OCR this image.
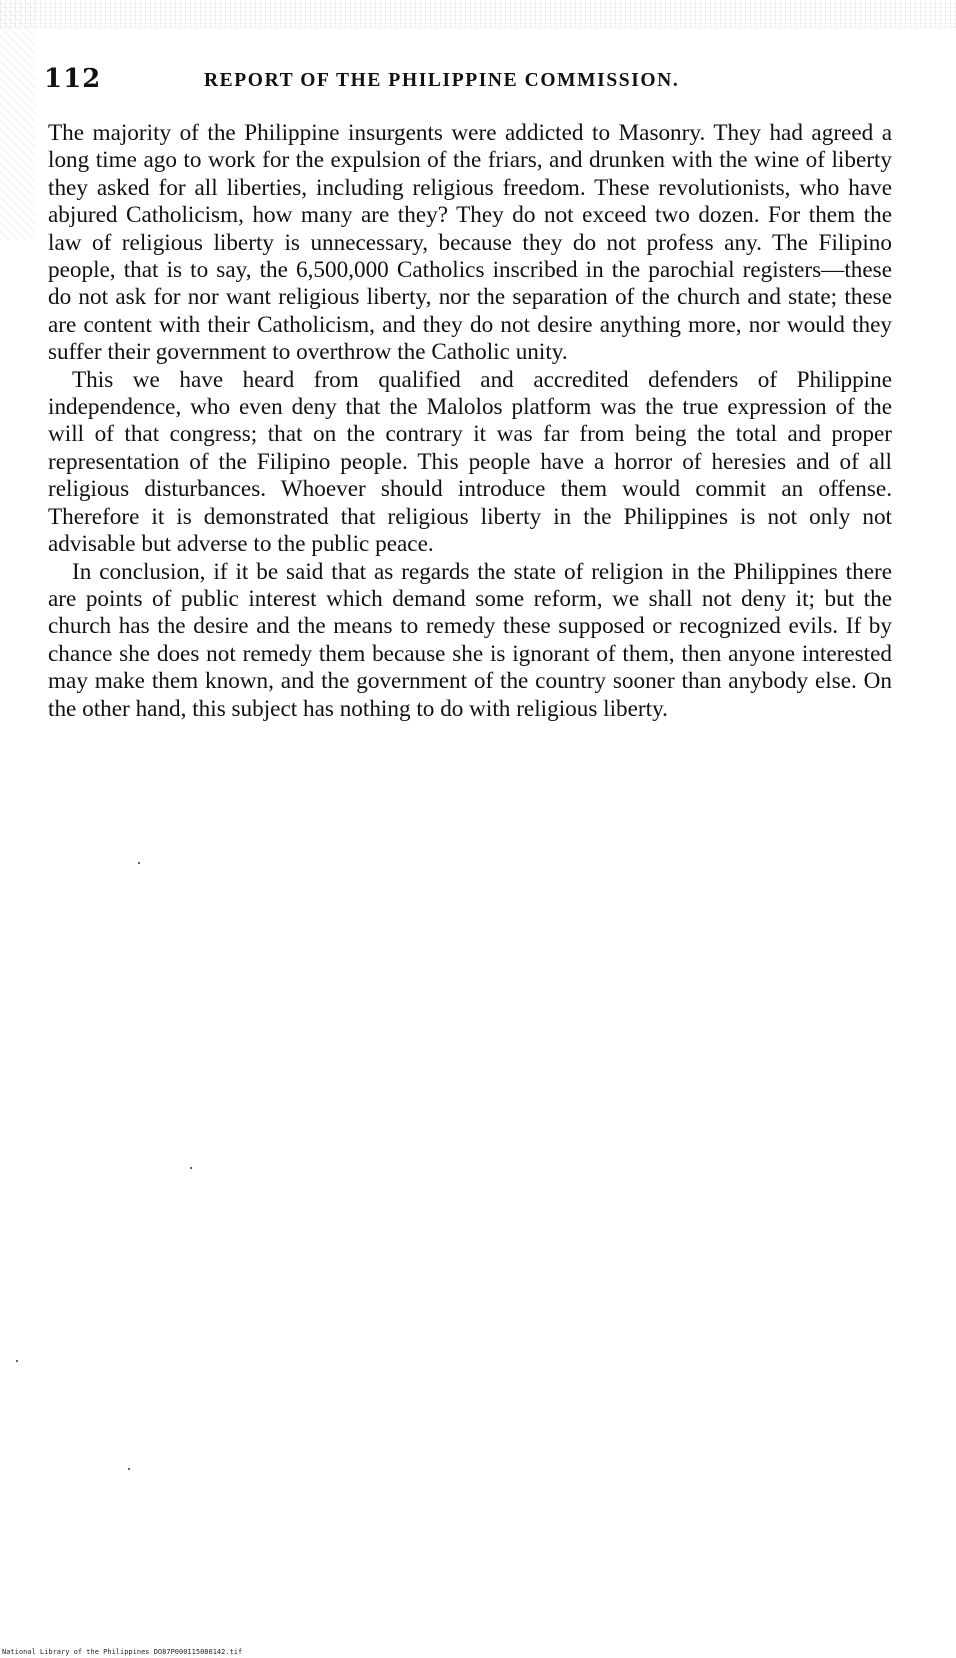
112	REPORT OF THE PHILIPPINE COMMISSION.

The majority of the Philippine insurgents were addicted to Masonry. They had agreed a long time ago to work for the expulsion of the friars, and drunken with the wine of liberty they asked for all liberties, including religious freedom. These revolutionists, who have abjured Catholicism, how many are they? They do not exceed two dozen. For them the law of religious liberty is unnecessary, because they do not profess any. The Filipino people, that is to say, the 6,500,000 Catholics inscribed in the parochial registers—these do not ask for nor want religious liberty, nor the separation of the church and state; these are content with their Catholicism, and they do not desire anything more, nor would they suffer their government to overthrow the Catholic unity.

This we have heard from qualified and accredited defenders of Philippine independence, who even deny that the Malolos platform was the true expression of the will of that congress; that on the contrary it was far from being the total and proper representation of the Filipino people. This people have a horror of heresies and of all religious disturbances. Whoever should introduce them would commit an offense. Therefore it is demonstrated that religious liberty in the Philippines is not only not advisable but adverse to the public peace.

In conclusion, if it be said that as regards the state of religion in the Philippines there are points of public interest which demand some reform, we shall not deny it; but the church has the desire and the means to remedy these supposed or recognized evils. If by chance she does not remedy them because she is ignorant of them, then anyone interested may make them known, and the government of the country sooner than anybody else. On the other hand, this subject has nothing to do with religious liberty.

National Library of the Philippines DO87P000115080142.tif
